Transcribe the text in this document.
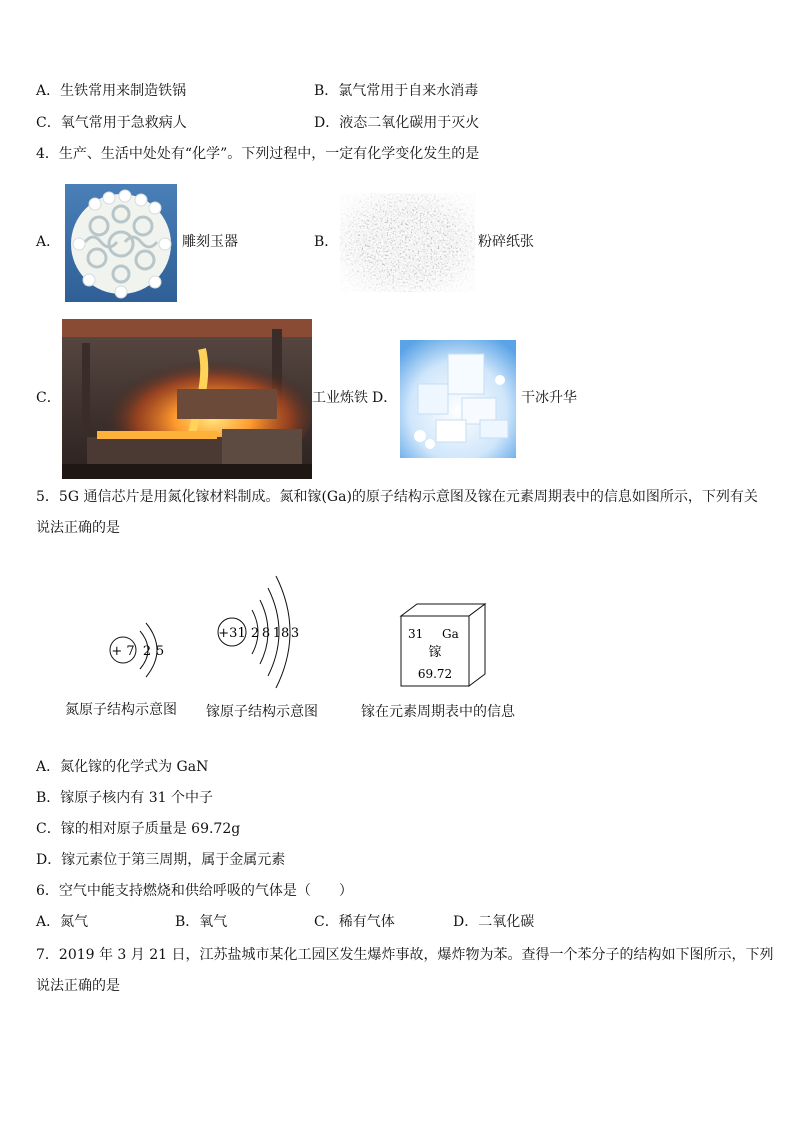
A．生铁常用来制造铁锅	B．氯气常用于自来水消毒
C．氧气常用于急救病人	D．液态二氧化碳用于灭火
4．生产、生活中处处有“化学”。下列过程中，一定有化学变化发生的是
A．	雕刻玉器	B．	粉碎纸张
C．	工业炼铁 D．	干冰升华
5．5G 通信芯片是用氮化镓材料制成。氮和镓(Ga)的原子结构示意图及镓在元素周期表中的信息如图所示，下列有关
说法正确的是
+ 7 2 5
氮原子结构示意图
+31 2 8 18 3
镓原子结构示意图
31 Ga
镓
69.72
镓在元素周期表中的信息
A．氮化镓的化学式为 GaN
B．镓原子核内有 31 个中子
C．镓的相对原子质量是 69.72g
D．镓元素位于第三周期，属于金属元素
6．空气中能支持燃烧和供给呼吸的气体是（　　）
A．氮气	B．氧气	C．稀有气体	D．二氧化碳
7．2019 年 3 月 21 日，江苏盐城市某化工园区发生爆炸事故，爆炸物为苯。查得一个苯分子的结构如下图所示，下列
说法正确的是
